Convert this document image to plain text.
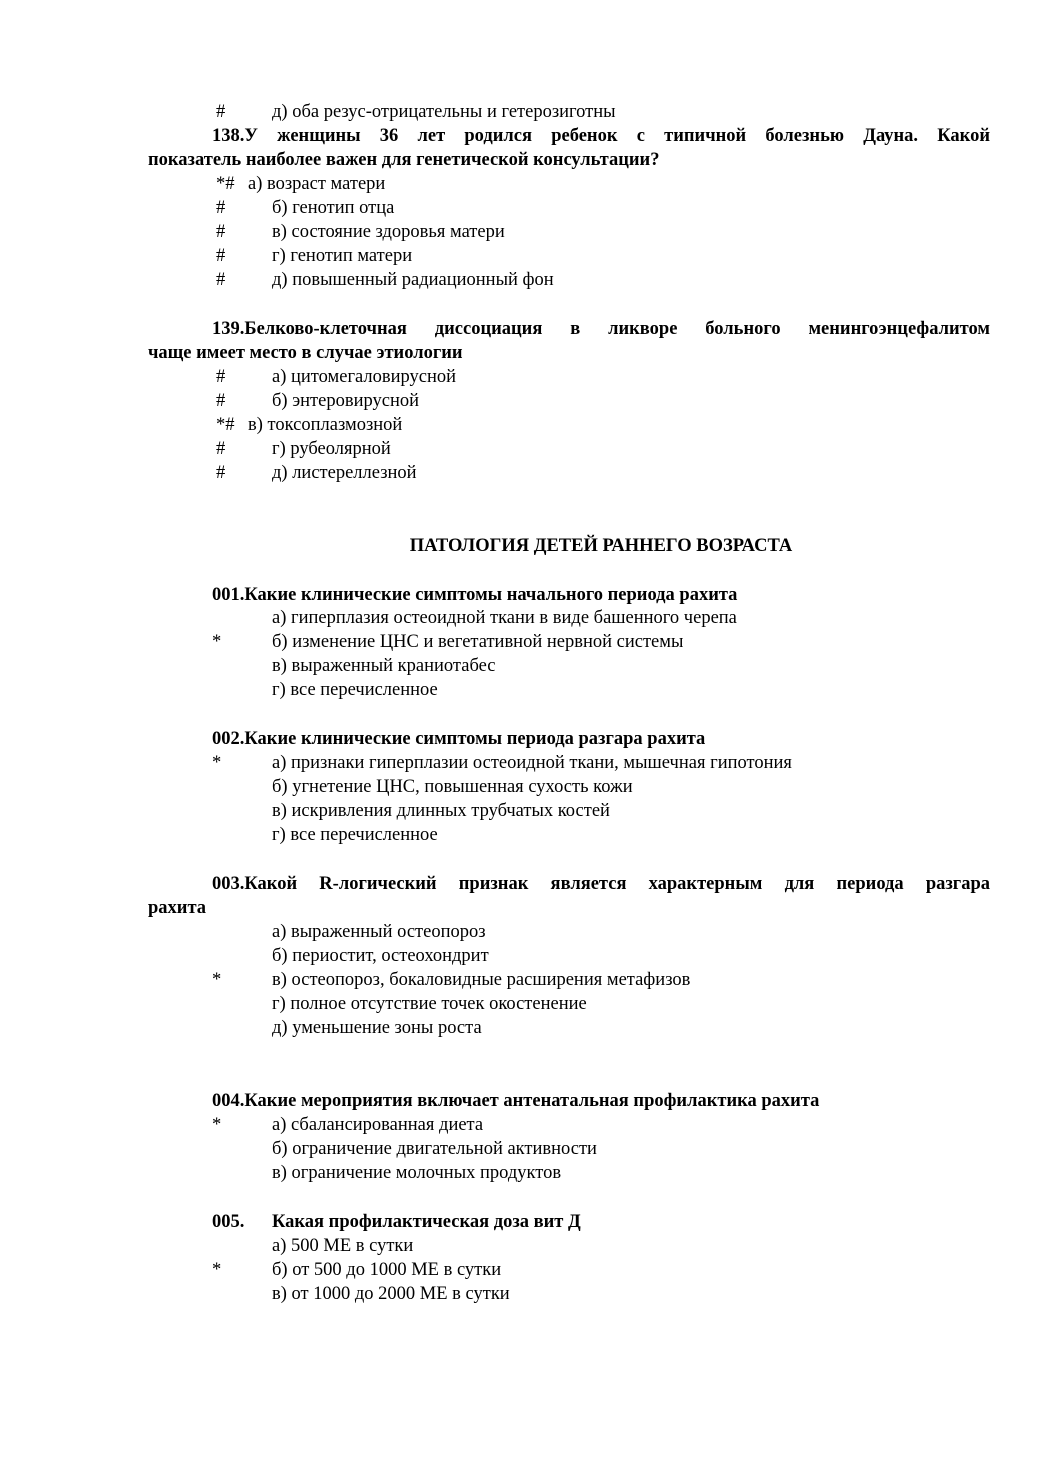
#	д) оба резус-отрицательны и гетерозиготны
138.У женщины 36 лет родился ребенок с типичной болезнью Дауна. Какой
показатель наиболее важен для генетической консультации?
*# а) возраст матери
#	б) генотип отца
#	в) состояние здоровья матери
#	г) генотип матери
#	д) повышенный радиационный фон
139.Белково-клеточная диссоциация в ликворе больного менингоэнцефалитом
чаще имеет место в случае этиологии
#	а) цитомегаловирусной
#	б) энтеровирусной
*# в) токсоплазмозной
#	г) рубеолярной
#	д) листереллезной
ПАТОЛОГИЯ ДЕТЕЙ РАННЕГО ВОЗРАСТА
001.Какие клинические симптомы начального периода рахита
а) гиперплазия остеоидной ткани в виде башенного черепа
*	б) изменение ЦНС и вегетативной нервной системы
в) выраженный краниотабес
г) все перечисленное
002.Какие клинические симптомы периода разгара рахита
*	а) признаки гиперплазии остеоидной ткани, мышечная гипотония
б) угнетение ЦНС, повышенная сухость кожи
в) искривления длинных трубчатых костей
г) все перечисленное
003.Какой R-логический признак является характерным для периода разгара
рахита
а) выраженный остеопороз
б) периостит, остеохондрит
*	в) остеопороз, бокаловидные расширения метафизов
г) полное отсутствие точек окостенение
д) уменьшение зоны роста
004.Какие мероприятия включает антенатальная профилактика рахита
*	а) сбалансированная диета
б) ограничение двигательной активности
в) ограничение молочных продуктов
005. Какая профилактическая доза вит Д
а) 500 МЕ в сутки
*	б) от 500 до 1000 МЕ в сутки
в) от 1000 до 2000 МЕ в сутки
